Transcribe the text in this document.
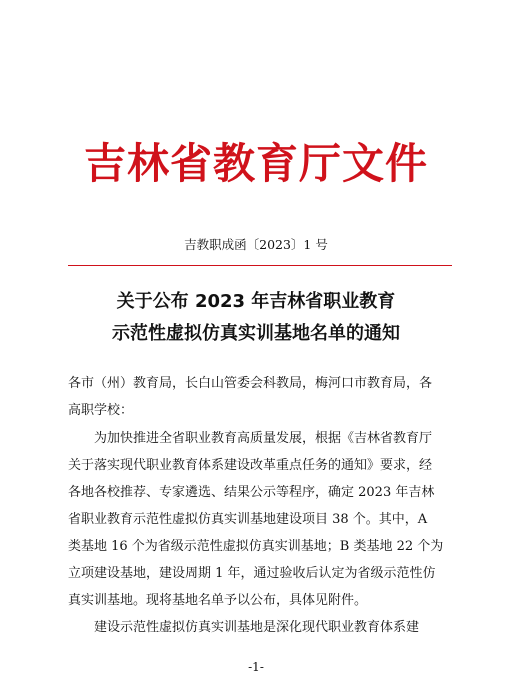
吉林省教育厅文件
吉教职成函〔2023〕1 号
关于公布 2023 年吉林省职业教育
示范性虚拟仿真实训基地名单的通知
各市（州）教育局，长白山管委会科教局，梅河口市教育局，各
高职学校：
　　为加快推进全省职业教育高质量发展，根据《吉林省教育厅
关于落实现代职业教育体系建设改革重点任务的通知》要求，经
各地各校推荐、专家遴选、结果公示等程序，确定 2023 年吉林
省职业教育示范性虚拟仿真实训基地建设项目 38 个。其中，A
类基地 16 个为省级示范性虚拟仿真实训基地；B 类基地 22 个为
立项建设基地，建设周期 1 年，通过验收后认定为省级示范性仿
真实训基地。现将基地名单予以公布，具体见附件。
　　建设示范性虚拟仿真实训基地是深化现代职业教育体系建
-1-
